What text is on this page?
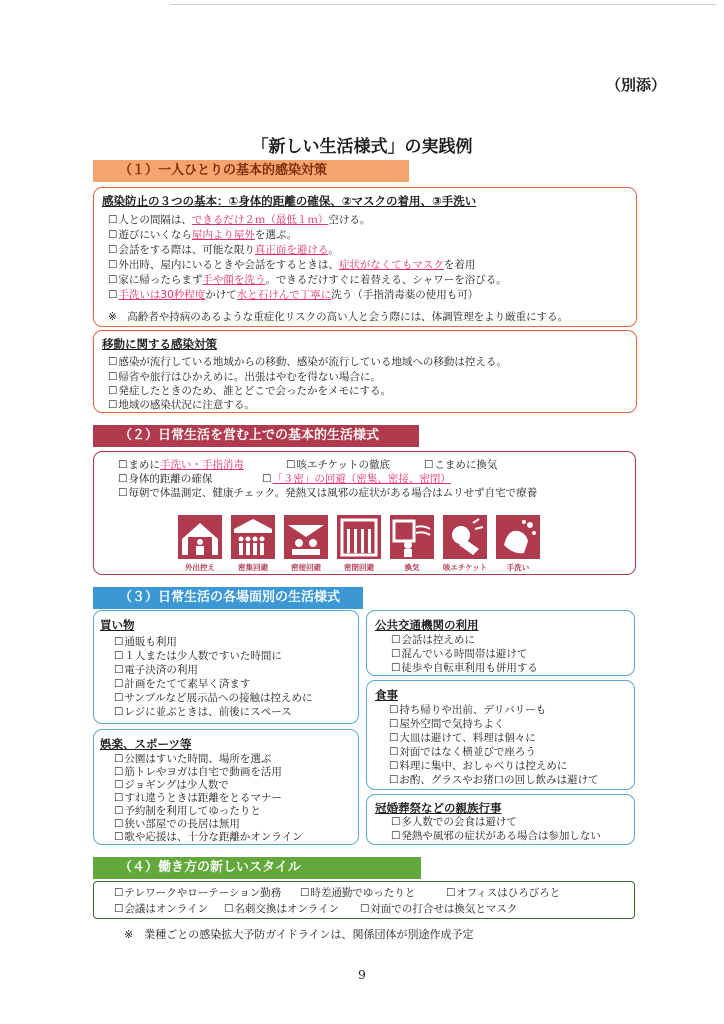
（別添）
「新しい生活様式」の実践例
（１）一人ひとりの基本的感染対策
感染防止の３つの基本：①身体的距離の確保、②マスクの着用、③手洗い
☐ 人との間隔は、できるだけ２ｍ（最低１ｍ）空ける。
☐ 遊びにいくなら屋内より屋外を選ぶ。
☐ 会話をする際は、可能な限り真正面を避ける。
☐ 外出時、屋内にいるときや会話をするときは、症状がなくてもマスクを着用
☐ 家に帰ったらまず手や顔を洗う。できるだけすぐに着替える、シャワーを浴びる。
☐ 手洗いは30秒程度かけて水と石けんで丁寧に洗う（手指消毒薬の使用も可）
※　高齢者や持病のあるような重症化リスクの高い人と会う際には、体調管理をより厳重にする。
移動に関する感染対策
☐ 感染が流行している地域からの移動、感染が流行している地域への移動は控える。
☐ 帰省や旅行はひかえめに。出張はやむを得ない場合に。
☐ 発症したときのため、誰とどこで会ったかをメモにする。
☐ 地域の感染状況に注意する。
（２）日常生活を営む上での基本的生活様式
☐ まめに手洗い・手指消毒	☐ 咳エチケットの徹底	☐ こまめに換気
☐ 身体的距離の確保	☐ 「３密」の回避（密集、密接、密閉）
☐ 毎朝で体温測定、健康チェック。発熱又は風邪の症状がある場合はムリせず自宅で療養
外出控え	密集回避	密接回避	密閉回避	換気	咳エチケット	手洗い
（３）日常生活の各場面別の生活様式
買い物
☐ 通販も利用
☐ １人または少人数ですいた時間に
☐ 電子決済の利用
☐ 計画をたてて素早く済ます
☐ サンプルなど展示品への接触は控えめに
☐ レジに並ぶときは、前後にスペース
娯楽、スポーツ等
☐ 公園はすいた時間、場所を選ぶ
☐ 筋トレやヨガは自宅で動画を活用
☐ ジョギングは少人数で
☐ すれ違うときは距離をとるマナー
☐ 予約制を利用してゆったりと
☐ 狭い部屋での長居は無用
☐ 歌や応援は、十分な距離かオンライン
公共交通機関の利用
☐ 会話は控えめに
☐ 混んでいる時間帯は避けて
☐ 徒歩や自転車利用も併用する
食事
☐ 持ち帰りや出前、デリバリーも
☐ 屋外空間で気持ちよく
☐ 大皿は避けて、料理は個々に
☐ 対面ではなく横並びで座ろう
☐ 料理に集中、おしゃべりは控えめに
☐ お酌、グラスやお猪口の回し飲みは避けて
冠婚葬祭などの親族行事
☐ 多人数での会食は避けて
☐ 発熱や風邪の症状がある場合は参加しない
（４）働き方の新しいスタイル
☐ テレワークやローテーション勤務	☐ 時差通勤でゆったりと	☐ オフィスはひろびろと
☐ 会議はオンライン	☐ 名刺交換はオンライン	☐ 対面での打合せは換気とマスク
※　業種ごとの感染拡大予防ガイドラインは、関係団体が別途作成予定
9
